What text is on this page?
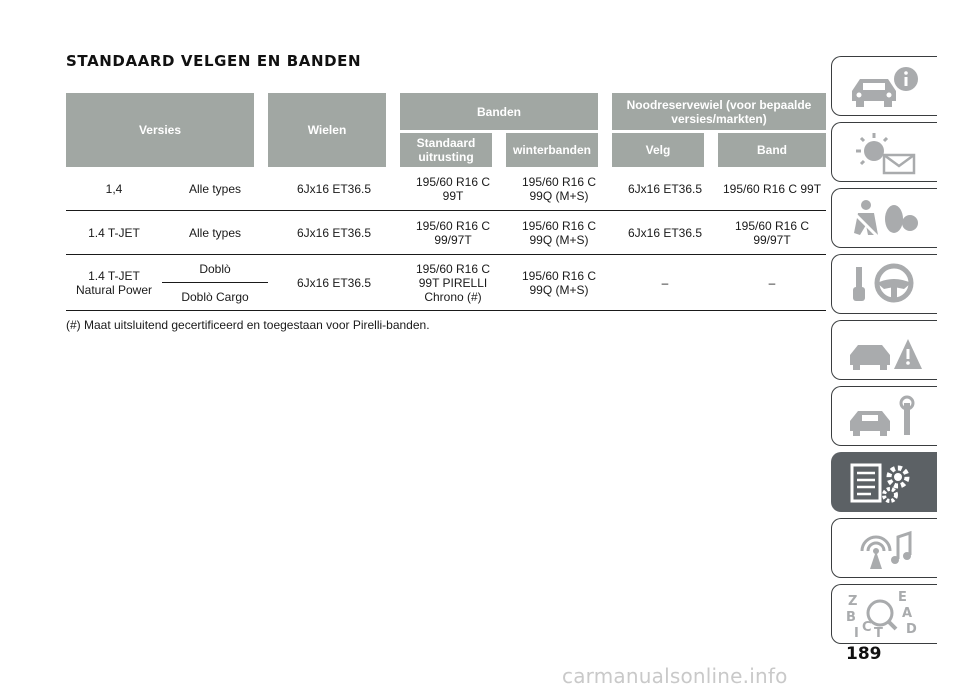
STANDAARD VELGEN EN BANDEN
Versies		Wielen	Banden		Noodreservewiel (voor bepaalde versies/markten)	
			Standaard uitrusting	winterbanden	Velg	Band
1,4	Alle types	6Jx16 ET36.5	195/60 R16 C 99T	195/60 R16 C 99Q (M+S)	6Jx16 ET36.5	195/60 R16 C 99T
1.4 T-JET	Alle types	6Jx16 ET36.5	195/60 R16 C 99/97T	195/60 R16 C 99Q (M+S)	6Jx16 ET36.5	195/60 R16 C 99/97T
1.4 T-JET Natural Power	Doblò	6Jx16 ET36.5	195/60 R16 C 99T PIRELLI Chrono (#)	195/60 R16 C 99Q (M+S)	–	–
	Doblò Cargo					
(#) Maat uitsluitend gecertificeerd en toegestaan voor Pirelli-banden.
Z	E
A
B
C T D
I
189
carmanualsonline.info
